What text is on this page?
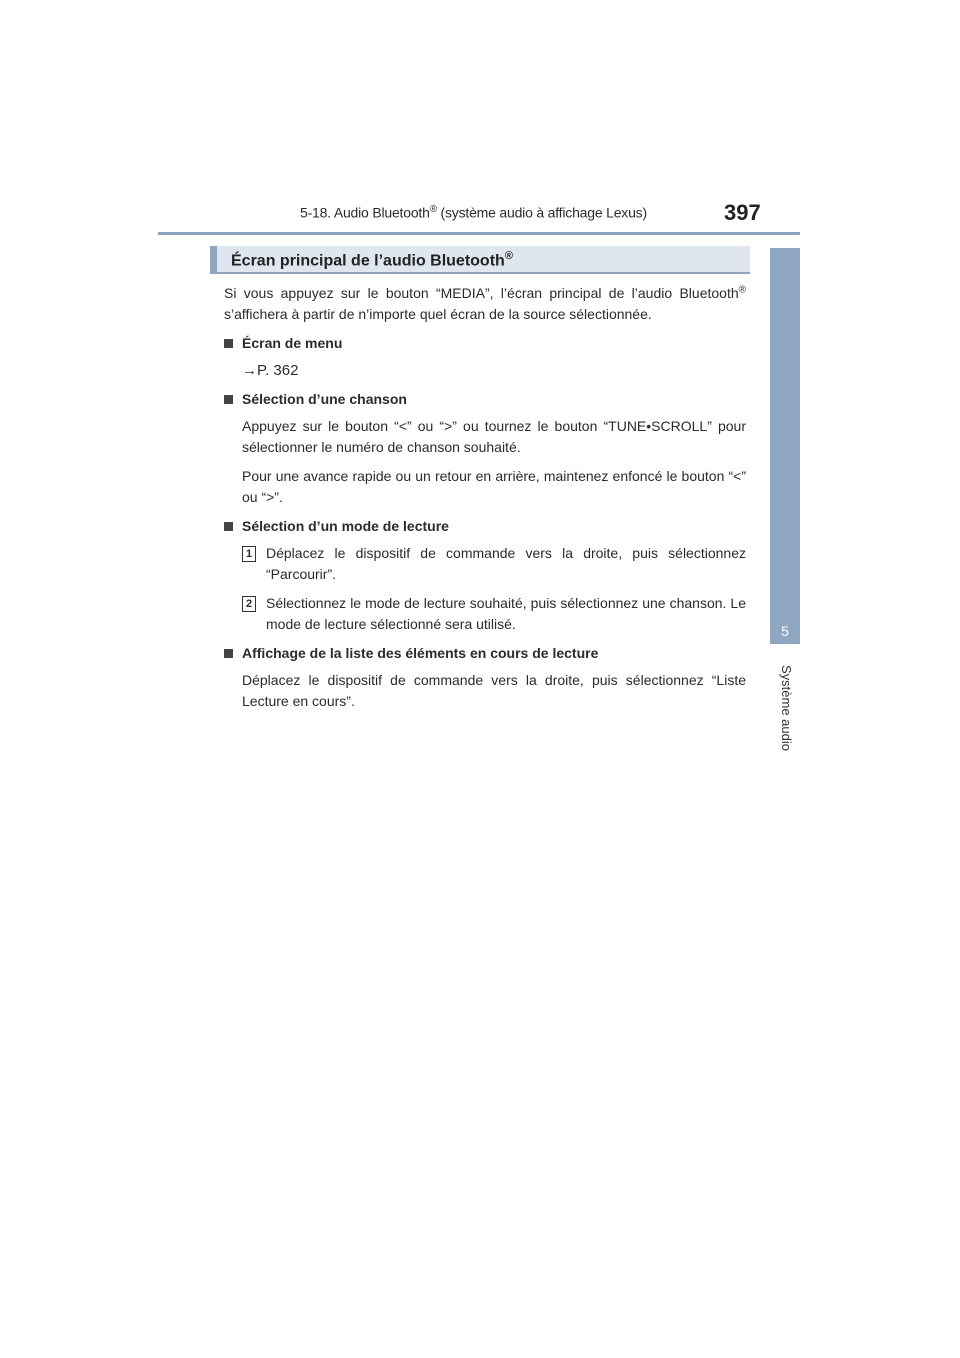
5-18. Audio Bluetooth® (système audio à affichage Lexus)	397
5
Système audio
Écran principal de l’audio Bluetooth®

Si vous appuyez sur le bouton “MEDIA”, l’écran principal de l’audio Bluetooth® s’affichera à partir de n’importe quel écran de la source sélectionnée.

Écran de menu
→P. 362
Sélection d’une chanson

Appuyez sur le bouton “<” ou “>” ou tournez le bouton “TUNE•SCROLL” pour sélectionner le numéro de chanson souhaité.

Pour une avance rapide ou un retour en arrière, maintenez enfoncé le bouton “<” ou “>”.

Sélection d’un mode de lecture
1 Déplacez le dispositif de commande vers la droite, puis sélectionnez “Parcourir”.
2 Sélectionnez le mode de lecture souhaité, puis sélectionnez une chanson. Le mode de lecture sélectionné sera utilisé.
Affichage de la liste des éléments en cours de lecture

Déplacez le dispositif de commande vers la droite, puis sélectionnez “Liste Lecture en cours”.
